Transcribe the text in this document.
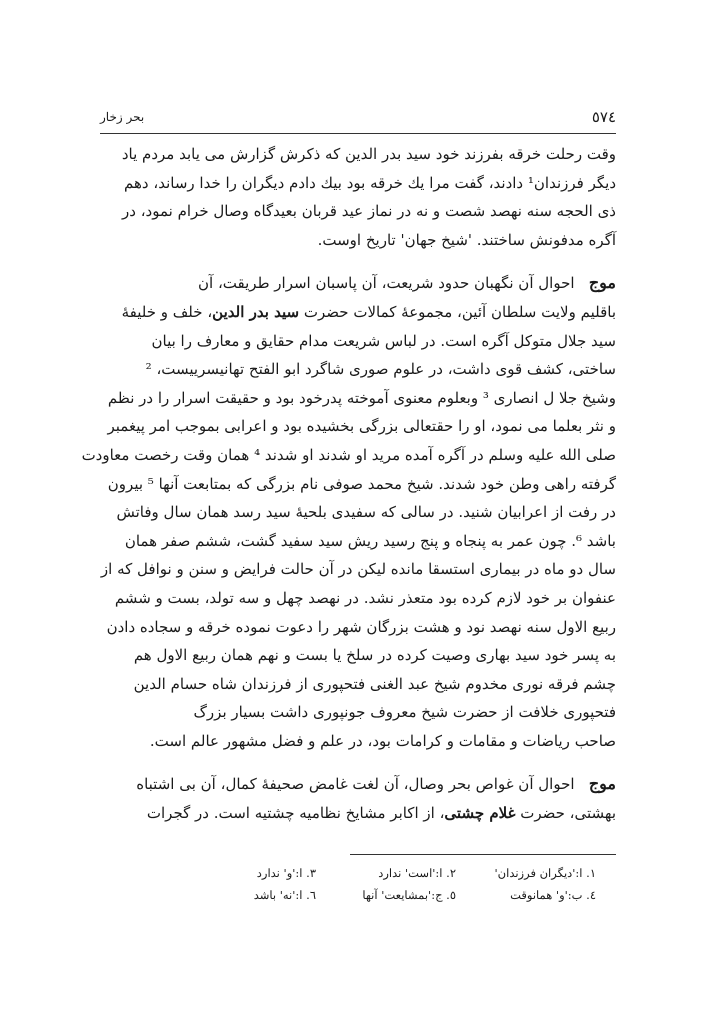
٥٧٤
بحر زخار
وقت رحلت خرقه بفرزند خود سید بدر الدین که ذکرش گزارش می یابد مردم یاد
دیگر فرزندان¹ دادند، گفت مرا یك خرقه بود بیك دادم دیگران را خدا رساند، دهم
ذی الحجه سنه نهصد شصت و نه در نماز عید قربان بعیدگاه وصال خرام نمود، در
آگره مدفونش ساختند. 'شیخ جهان' تاریخ اوست.
موج   احوال آن نگهبان حدود شریعت، آن پاسبان اسرار طریقت، آن
باقلیم ولایت سلطان آئین، مجموعهٔ کمالات حضرت سید بدر الدین، خلف و خلیفهٔ
سید جلال متوکل آگره است. در لباس شریعت مدام حقایق و معارف را بیان
ساختی، کشف قوی داشت، در علوم صوری شاگرد ابو الفتح تهانیسرییست، ²
وشیخ جلا ل انصاری ³ وبعلوم معنوی آموخته پدرخود بود و حقیقت اسرار را در نظم
و نثر بعلما می نمود، او را حقتعالی بزرگی بخشیده بود و اعرابی بموجب امر پیغمبر
صلی الله علیه وسلم در آگره آمده مرید او شدند او شدند ⁴ همان وقت رخصت معاودت
گرفته راهی وطن خود شدند. شیخ محمد صوفی نام بزرگی که بمتابعت آنها ⁵ بیرون
در رفت از اعرابیان شنید. در سالی که سفیدی بلحیهٔ سید رسد همان سال وفاتش
باشد ⁶. چون عمر به پنجاه و پنج رسید ریش سید سفید گشت، ششم صفر همان
سال دو ماه در بیماری استسقا مانده لیکن در آن حالت فرایض و سنن و نوافل که از
عنفوان بر خود لازم کرده بود متعذر نشد. در نهصد چهل و سه تولد، بست و ششم
ربیع الاول سنه نهصد نود و هشت بزرگان شهر را دعوت نموده خرقه و سجاده دادن
به پسر خود سید بهاری وصیت کرده در سلخ یا بست و نهم همان ربیع الاول هم
چشم فرقه نوری مخدوم شیخ عبد الغنی فتحپوری از فرزندان شاه حسام الدین
فتحپوری خلافت از حضرت شیخ معروف جونپوری داشت بسیار بزرگ
صاحب ریاضات و مقامات و کرامات بود، در علم و فضل مشهور عالم است.
موج   احوال آن غواص بحر وصال، آن لغت غامض صحیفهٔ کمال، آن بی اشتباه
بهشتی، حضرت غلام چشتی، از اکابر مشایخ نظامیه چشتیه است. در گجرات
١. ا:'دیگران فرزندان'
٢. ا:'است' ندارد
٣. ا:'و' ندارد
٤. ب:'و' همانوقت
٥. ج:'بمشایعت' آنها
٦. ا:'نه' باشد
